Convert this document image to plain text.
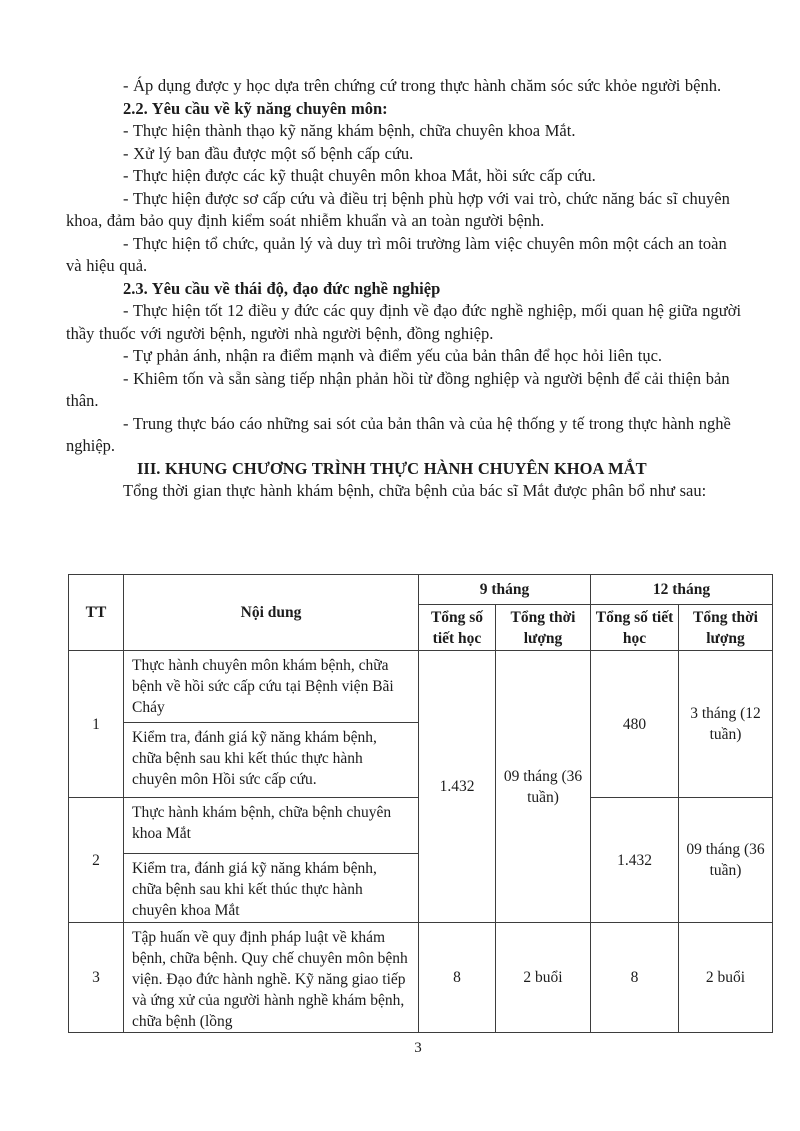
- Áp dụng được y học dựa trên chứng cứ trong thực hành chăm sóc sức khỏe người bệnh.

2.2. Yêu cầu về kỹ năng chuyên môn:

- Thực hiện thành thạo kỹ năng khám bệnh, chữa chuyên khoa Mắt.

- Xử lý ban đầu được một số bệnh cấp cứu.

- Thực hiện được các kỹ thuật chuyên môn khoa Mắt, hồi sức cấp cứu.

- Thực hiện được sơ cấp cứu và điều trị bệnh phù hợp với vai trò, chức năng bác sĩ chuyên khoa, đảm bảo quy định kiểm soát nhiễm khuẩn và an toàn người bệnh.

- Thực hiện tổ chức, quản lý và duy trì môi trường làm việc chuyên môn một cách an toàn và hiệu quả.

2.3. Yêu cầu về thái độ, đạo đức nghề nghiệp

- Thực hiện tốt 12 điều y đức các quy định về đạo đức nghề nghiệp, mối quan hệ giữa người thầy thuốc với người bệnh, người nhà người bệnh, đồng nghiệp.

- Tự phản ánh, nhận ra điểm mạnh và điểm yếu của bản thân để học hỏi liên tục.

- Khiêm tốn và sẵn sàng tiếp nhận phản hồi từ đồng nghiệp và người bệnh để cải thiện bản thân.

- Trung thực báo cáo những sai sót của bản thân và của hệ thống y tế trong thực hành nghề nghiệp.

III. KHUNG CHƯƠNG TRÌNH THỰC HÀNH CHUYÊN KHOA MẮT

Tổng thời gian thực hành khám bệnh, chữa bệnh của bác sĩ Mắt được phân bổ như sau:

TT	Nội dung	9 tháng		12 tháng	
		Tổng số tiết học	Tổng thời lượng	Tổng số tiết học	Tổng thời lượng
1	Thực hành chuyên môn khám bệnh, chữa bệnh về hồi sức cấp cứu tại Bệnh viện Bãi Cháy	1.432	09 tháng (36 tuần)	480	3 tháng (12 tuần)
	Kiểm tra, đánh giá kỹ năng khám bệnh, chữa bệnh sau khi kết thúc thực hành chuyên môn Hồi sức cấp cứu.				
2	Thực hành khám bệnh, chữa bệnh chuyên khoa Mắt			1.432	09 tháng (36 tuần)
	Kiểm tra, đánh giá kỹ năng khám bệnh, chữa bệnh sau khi kết thúc thực hành chuyên khoa Mắt				
3	Tập huấn về quy định pháp luật về khám bệnh, chữa bệnh. Quy chế chuyên môn bệnh viện. Đạo đức hành nghề. Kỹ năng giao tiếp và ứng xử của người hành nghề khám bệnh, chữa bệnh (lồng	8	2 buổi	8	2 buổi
3
